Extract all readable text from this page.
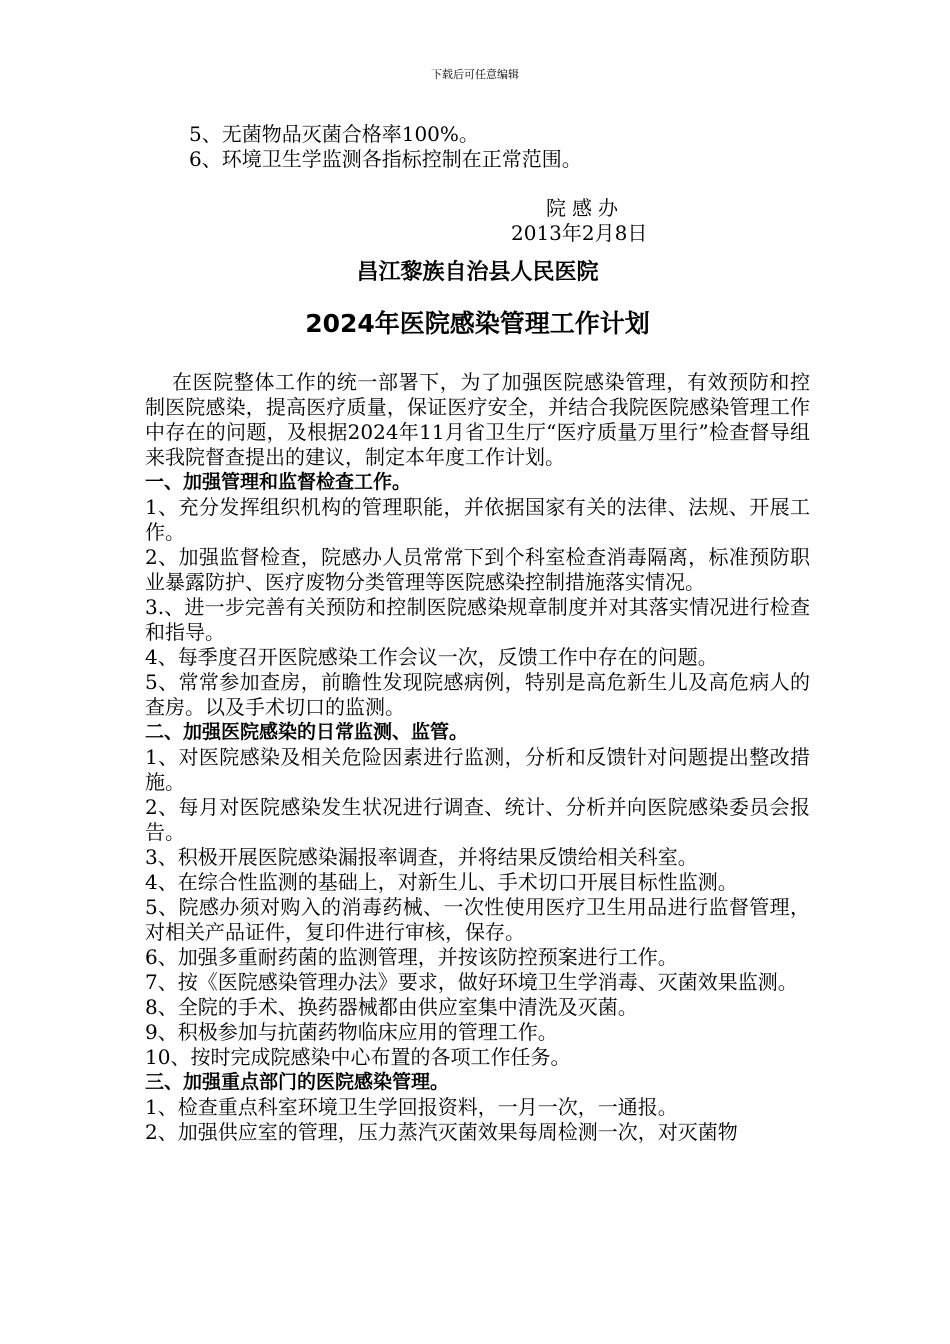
下载后可任意编辑

5、无菌物品灭菌合格率100%。

6、环境卫生学监测各指标控制在正常范围。

院感办
2013年2月8日
昌江黎族自治县人民医院
2024年医院感染管理工作计划

在医院整体工作的统一部署下，为了加强医院感染管理，有效预防和控制医院感染，提高医疗质量，保证医疗安全，并结合我院医院感染管理工作中存在的问题，及根据2024年11月省卫生厅“医疗质量万里行”检查督导组来我院督查提出的建议，制定本年度工作计划。

一、加强管理和监督检查工作。

1、充分发挥组织机构的管理职能，并依据国家有关的法律、法规、开展工作。

2、加强监督检查，院感办人员常常下到个科室检查消毒隔离，标准预防职业暴露防护、医疗废物分类管理等医院感染控制措施落实情况。

3.、进一步完善有关预防和控制医院感染规章制度并对其落实情况进行检查和指导。

4、每季度召开医院感染工作会议一次，反馈工作中存在的问题。

5、常常参加查房，前瞻性发现院感病例，特别是高危新生儿及高危病人的查房。以及手术切口的监测。

二、加强医院感染的日常监测、监管。

1、对医院感染及相关危险因素进行监测，分析和反馈针对问题提出整改措施。

2、每月对医院感染发生状况进行调查、统计、分析并向医院感染委员会报告。

3、积极开展医院感染漏报率调查，并将结果反馈给相关科室。

4、在综合性监测的基础上，对新生儿、手术切口开展目标性监测。

5、院感办须对购入的消毒药械、一次性使用医疗卫生用品进行监督管理，对相关产品证件，复印件进行审核，保存。

6、加强多重耐药菌的监测管理，并按该防控预案进行工作。

7、按《医院感染管理办法》要求，做好环境卫生学消毒、灭菌效果监测。

8、全院的手术、换药器械都由供应室集中清洗及灭菌。

9、积极参加与抗菌药物临床应用的管理工作。

10、按时完成院感染中心布置的各项工作任务。

三、加强重点部门的医院感染管理。

1、检查重点科室环境卫生学回报资料，一月一次，一通报。

2、加强供应室的管理，压力蒸汽灭菌效果每周检测一次，对灭菌物
